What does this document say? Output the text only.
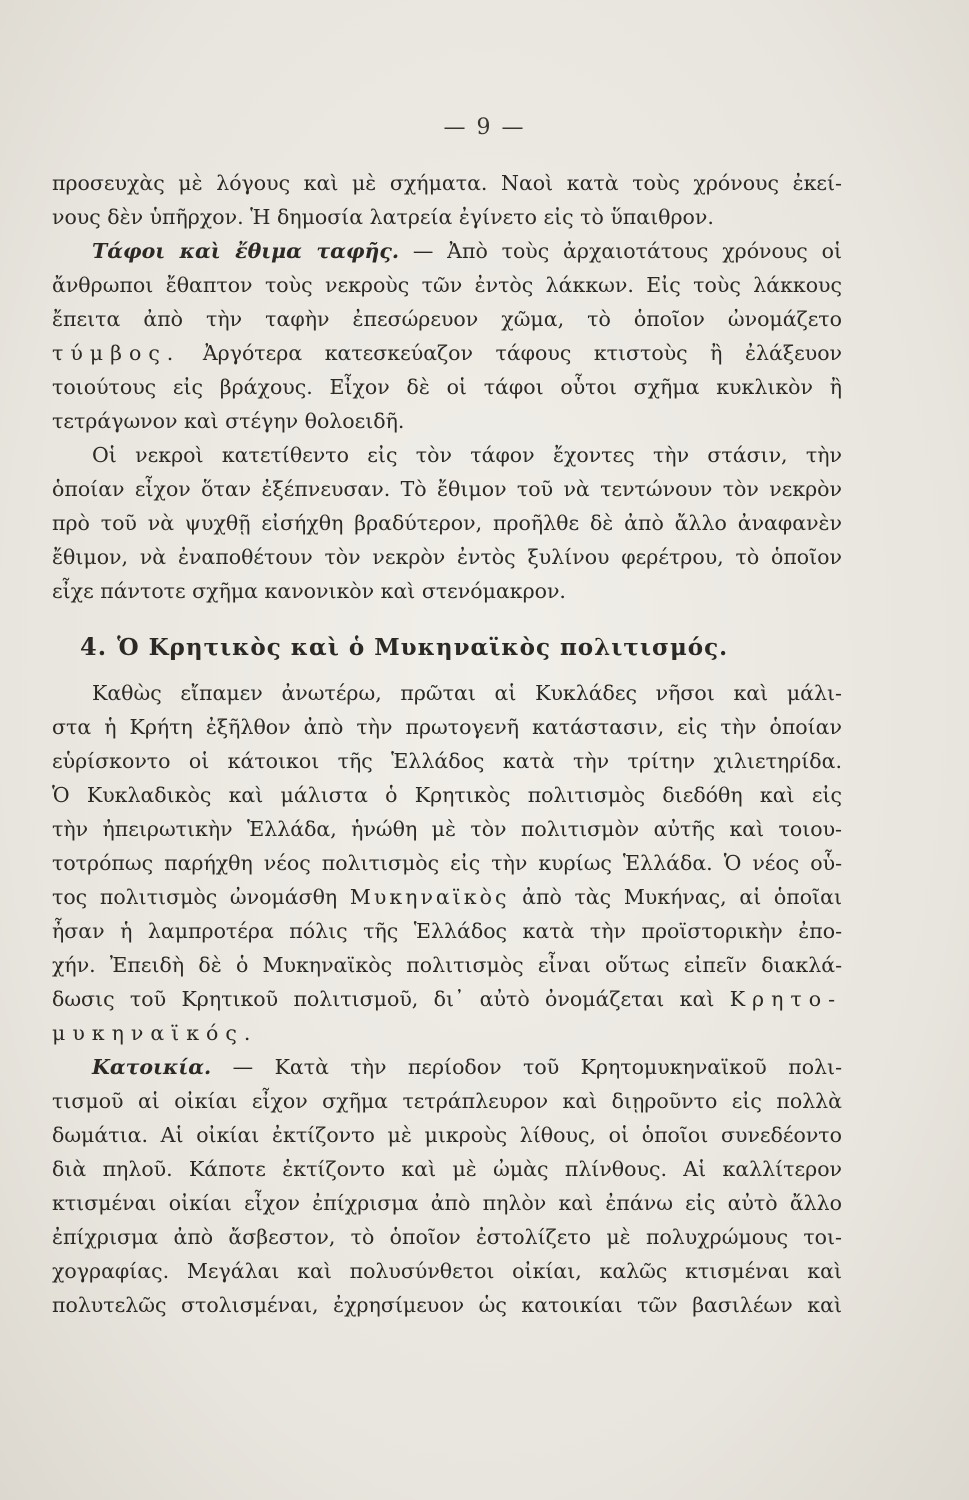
— 9 —
προσευχὰς μὲ λόγους καὶ μὲ σχήματα. Ναοὶ κατὰ τοὺς χρόνους ἐκεί-
νους δὲν ὑπῆρχον. Ἡ δημοσία λατρεία ἐγίνετο εἰς τὸ ὕπαιθρον.
Τάφοι καὶ ἔθιμα ταφῆς. — Ἀπὸ τοὺς ἀρχαιοτάτους χρόνους οἱ
ἄνθρωποι ἔθαπτον τοὺς νεκροὺς τῶν ἐντὸς λάκκων. Εἰς τοὺς λάκκους
ἔπειτα ἀπὸ τὴν ταφὴν ἐπεσώρευον χῶμα, τὸ ὁποῖον ὠνομάζετο
τύμβος. Ἀργότερα κατεσκεύαζον τάφους κτιστοὺς ἢ ἐλάξευον
τοιούτους εἰς βράχους. Εἶχον δὲ οἱ τάφοι οὗτοι σχῆμα κυκλικὸν ἢ
τετράγωνον καὶ στέγην θολοειδῆ.
Οἱ νεκροὶ κατετίθεντο εἰς τὸν τάφον ἔχοντες τὴν στάσιν, τὴν
ὁποίαν εἶχον ὅταν ἐξέπνευσαν. Τὸ ἔθιμον τοῦ νὰ τεντώνουν τὸν νεκρὸν
πρὸ τοῦ νὰ ψυχθῇ εἰσήχθη βραδύτερον, προῆλθε δὲ ἀπὸ ἄλλο ἀναφανὲν
ἔθιμον, νὰ ἐναποθέτουν τὸν νεκρὸν ἐντὸς ξυλίνου φερέτρου, τὸ ὁποῖον
εἶχε πάντοτε σχῆμα κανονικὸν καὶ στενόμακρον.
4. Ὁ Κρητικὸς καὶ ὁ Μυκηναϊκὸς πολιτισμός.
Καθὼς εἴπαμεν ἀνωτέρω, πρῶται αἱ Κυκλάδες νῆσοι καὶ μάλι-
στα ἡ Κρήτη ἐξῆλθον ἀπὸ τὴν πρωτογενῆ κατάστασιν, εἰς τὴν ὁποίαν
εὑρίσκοντο οἱ κάτοικοι τῆς Ἑλλάδος κατὰ τὴν τρίτην χιλιετηρίδα.
Ὁ Κυκλαδικὸς καὶ μάλιστα ὁ Κρητικὸς πολιτισμὸς διεδόθη καὶ εἰς
τὴν ἠπειρωτικὴν Ἑλλάδα, ἡνώθη μὲ τὸν πολιτισμὸν αὐτῆς καὶ τοιου-
τοτρόπως παρήχθη νέος πολιτισμὸς εἰς τὴν κυρίως Ἑλλάδα. Ὁ νέος οὗ-
τος πολιτισμὸς ὠνομάσθη Μυκηναϊκὸς ἀπὸ τὰς Μυκήνας, αἱ ὁποῖαι
ἦσαν ἡ λαμπροτέρα πόλις τῆς Ἑλλάδος κατὰ τὴν προϊστορικὴν ἐπο-
χήν. Ἐπειδὴ δὲ ὁ Μυκηναϊκὸς πολιτισμὸς εἶναι οὕτως εἰπεῖν διακλά-
δωσις τοῦ Κρητικοῦ πολιτισμοῦ, δι᾽ αὐτὸ ὀνομάζεται καὶ Κρητο-
μυκηναϊκός.
Κατοικία. — Κατὰ τὴν περίοδον τοῦ Κρητομυκηναϊκοῦ πολι-
τισμοῦ αἱ οἰκίαι εἶχον σχῆμα τετράπλευρον καὶ διῃροῦντο εἰς πολλὰ
δωμάτια. Αἱ οἰκίαι ἐκτίζοντο μὲ μικροὺς λίθους, οἱ ὁποῖοι συνεδέοντο
διὰ πηλοῦ. Κάποτε ἐκτίζοντο καὶ μὲ ὠμὰς πλίνθους. Αἱ καλλίτερον
κτισμέναι οἰκίαι εἶχον ἐπίχρισμα ἀπὸ πηλὸν καὶ ἐπάνω εἰς αὐτὸ ἄλλο
ἐπίχρισμα ἀπὸ ἄσβεστον, τὸ ὁποῖον ἐστολίζετο μὲ πολυχρώμους τοι-
χογραφίας. Μεγάλαι καὶ πολυσύνθετοι οἰκίαι, καλῶς κτισμέναι καὶ
πολυτελῶς στολισμέναι, ἐχρησίμευον ὡς κατοικίαι τῶν βασιλέων καὶ
